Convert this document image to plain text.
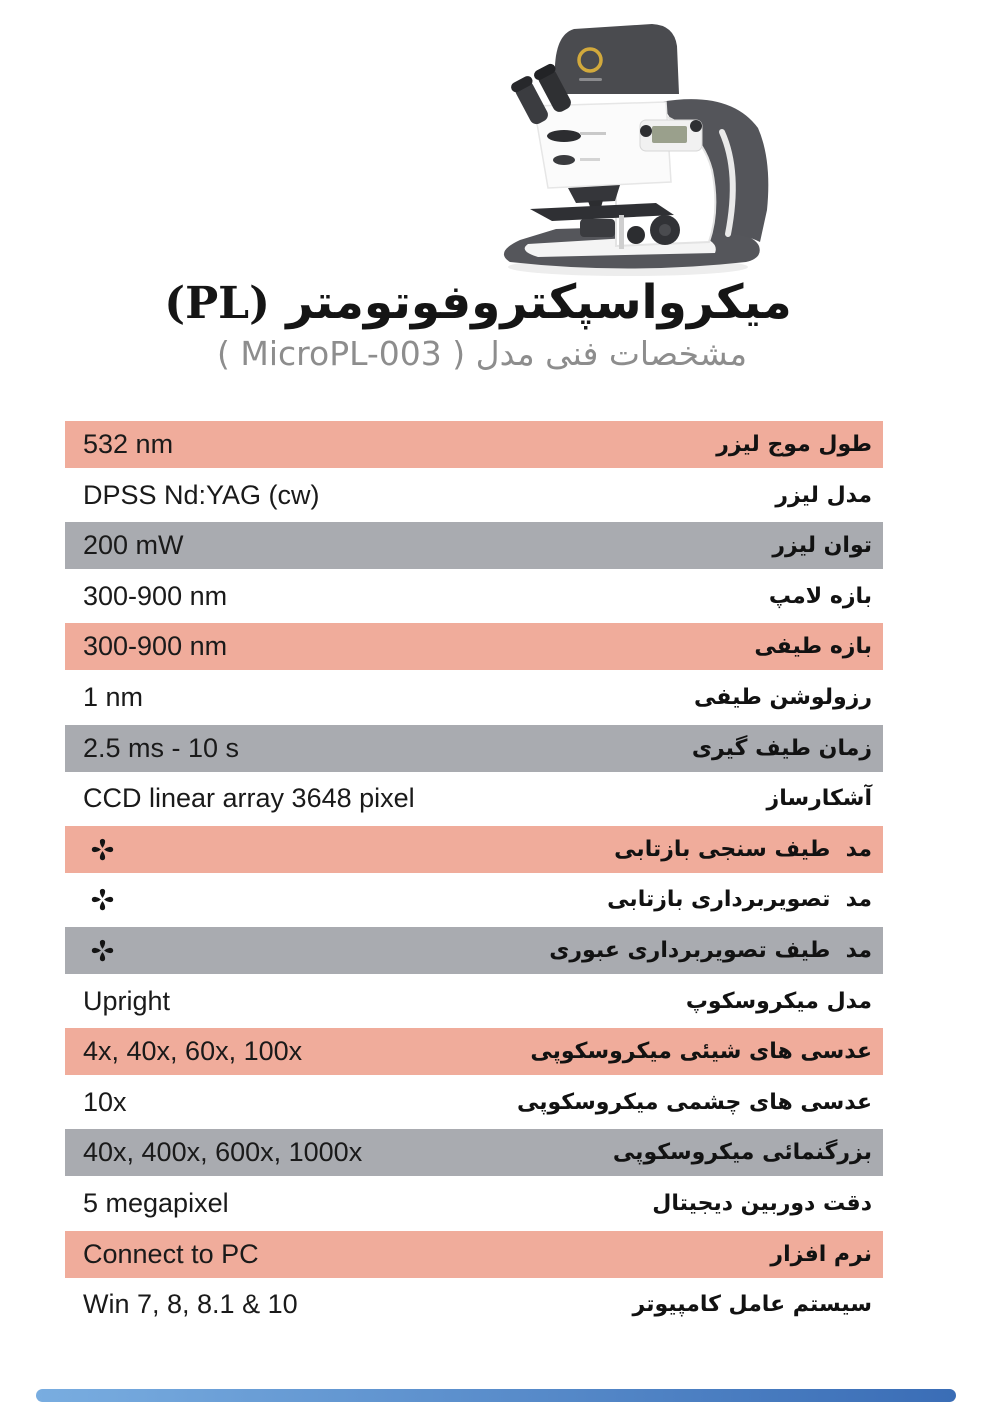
میکرواسپکتروفوتومتر (PL)
مشخصات فنی مدل ( MicroPL-003 )
طول موج لیزر
532 nm
مدل لیزر
DPSS Nd:YAG (cw)
توان لیزر
200 mW
بازه لامپ
300-900 nm
بازه طیفی
300-900 nm
رزولوشن طیفی
1 nm
زمان طیف گیری
2.5 ms - 10 s
آشکارساز
CCD linear array 3648 pixel
مد  طیف سنجی بازتابی
مد  تصویربرداری بازتابی
مد  طیف تصویربرداری عبوری
مدل میکروسکوپ
Upright
عدسی های شیئی میکروسکوپی
4x, 40x, 60x, 100x
عدسی های چشمی میکروسکوپی
10x
بزرگنمائی میکروسکوپی
40x, 400x, 600x, 1000x
دقت دوربین دیجیتال
5 megapixel
نرم افزار
Connect to PC
سیستم عامل کامپیوتر
Win 7, 8, 8.1 & 10
